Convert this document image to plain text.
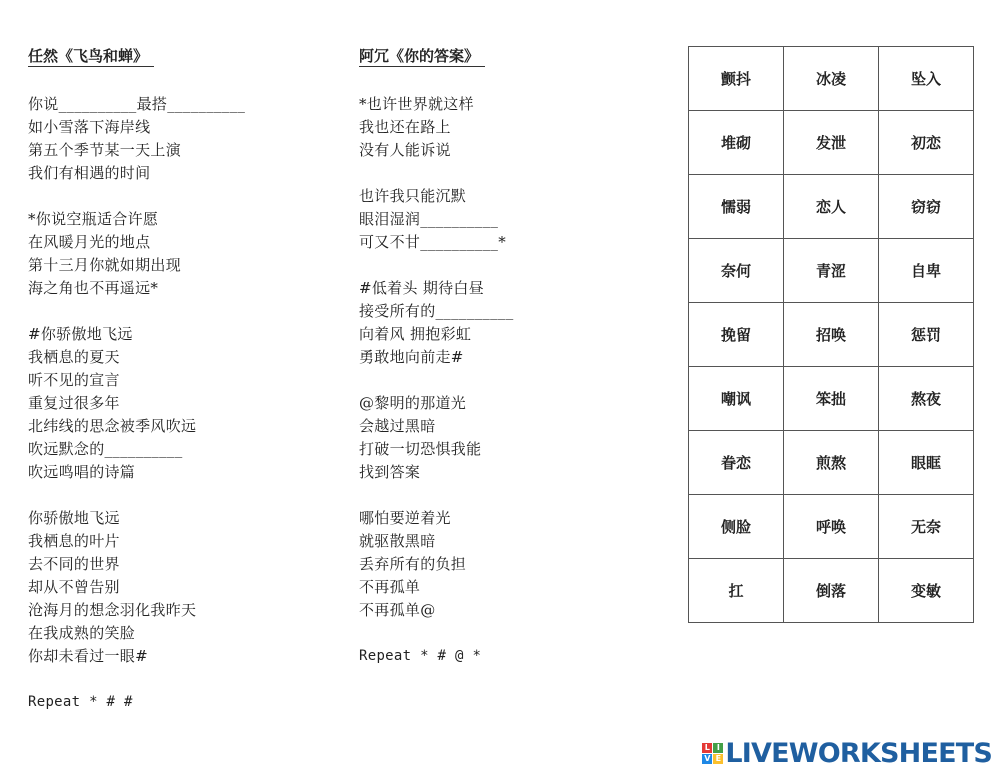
任然《飞鸟和蝉》
你说__________最搭__________
如小雪落下海岸线
第五个季节某一天上演
我们有相遇的时间
*你说空瓶适合许愿
在风暖月光的地点
第十三月你就如期出现
海之角也不再遥远*
#你骄傲地飞远
我栖息的夏天
听不见的宣言
重复过很多年
北纬线的思念被季风吹远
吹远默念的__________
吹远鸣唱的诗篇
你骄傲地飞远
我栖息的叶片
去不同的世界
却从不曾告别
沧海月的想念羽化我昨天
在我成熟的笑脸
你却未看过一眼#
Repeat * # #
阿冗《你的答案》
*也许世界就这样
我也还在路上
没有人能诉说
也许我只能沉默
眼泪湿润__________
可又不甘__________*
#低着头 期待白昼
接受所有的__________
向着风 拥抱彩虹
勇敢地向前走#
@黎明的那道光
会越过黑暗
打破一切恐惧我能
找到答案
哪怕要逆着光
就驱散黑暗
丢弃所有的负担
不再孤单
不再孤单@
Repeat * # @ *
颤抖	冰凌	坠入
堆砌	发泄	初恋
懦弱	恋人	窃窃
奈何	青涩	自卑
挽留	招唤	惩罚
嘲讽	笨拙	熬夜
眷恋	煎熬	眼眶
侧脸	呼唤	无奈
扛	倒落	变敏
L I
V E LIVEWORKSHEETS
